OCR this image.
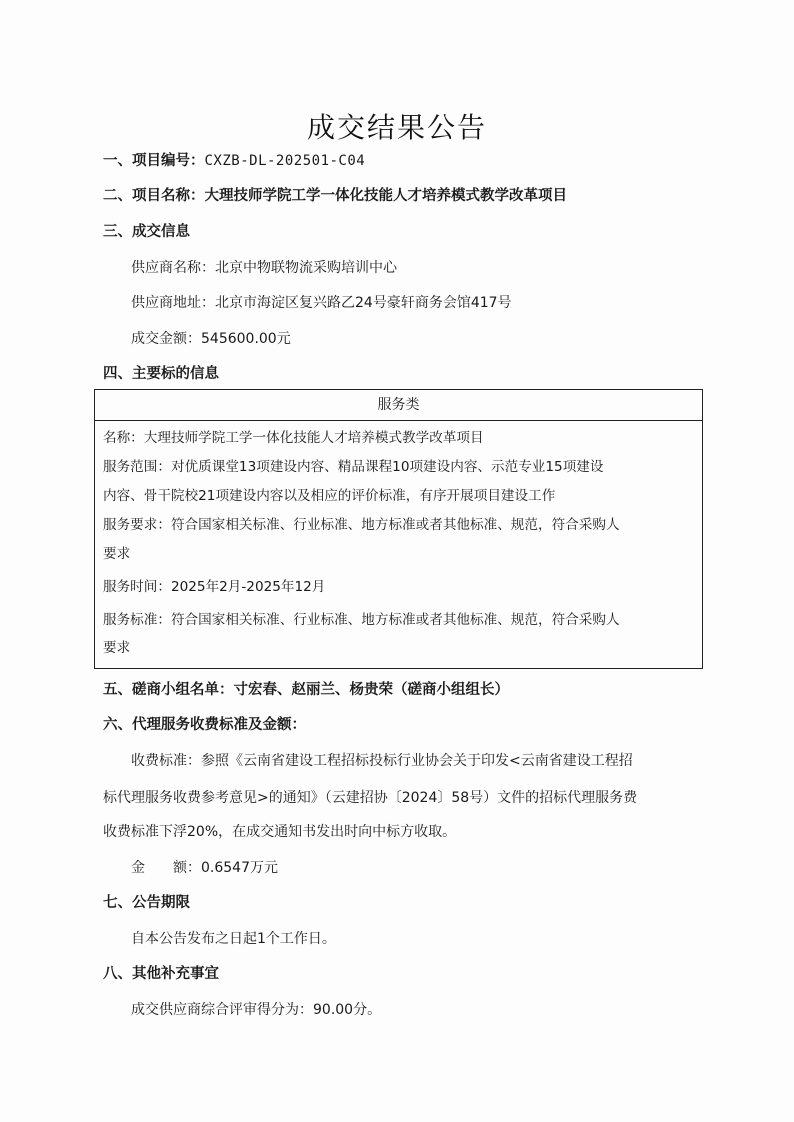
成交结果公告
一、项目编号：CXZB-DL-202501-C04
二、项目名称：大理技师学院工学一体化技能人才培养模式教学改革项目
三、成交信息
供应商名称：北京中物联物流采购培训中心
供应商地址：北京市海淀区复兴路乙24号豪轩商务会馆417号
成交金额：545600.00元
四、主要标的信息
服务类
名称：大理技师学院工学一体化技能人才培养模式教学改革项目
服务范围：对优质课堂13项建设内容、精品课程10项建设内容、示范专业15项建设
内容、骨干院校21项建设内容以及相应的评价标准，有序开展项目建设工作
服务要求：符合国家相关标准、行业标准、地方标准或者其他标准、规范，符合采购人
要求
服务时间：2025年2月-2025年12月
服务标准：符合国家相关标准、行业标准、地方标准或者其他标准、规范，符合采购人
要求
五、磋商小组名单：寸宏春、赵丽兰、杨贵荣（磋商小组组长）
六、代理服务收费标准及金额：
收费标准：参照《云南省建设工程招标投标行业协会关于印发<云南省建设工程招
标代理服务收费参考意见>的通知》（云建招协〔2024〕58号）文件的招标代理服务费
收费标准下浮20%，在成交通知书发出时向中标方收取。
金　　额：0.6547万元
七、公告期限
自本公告发布之日起1个工作日。
八、其他补充事宜
成交供应商综合评审得分为：90.00分。
